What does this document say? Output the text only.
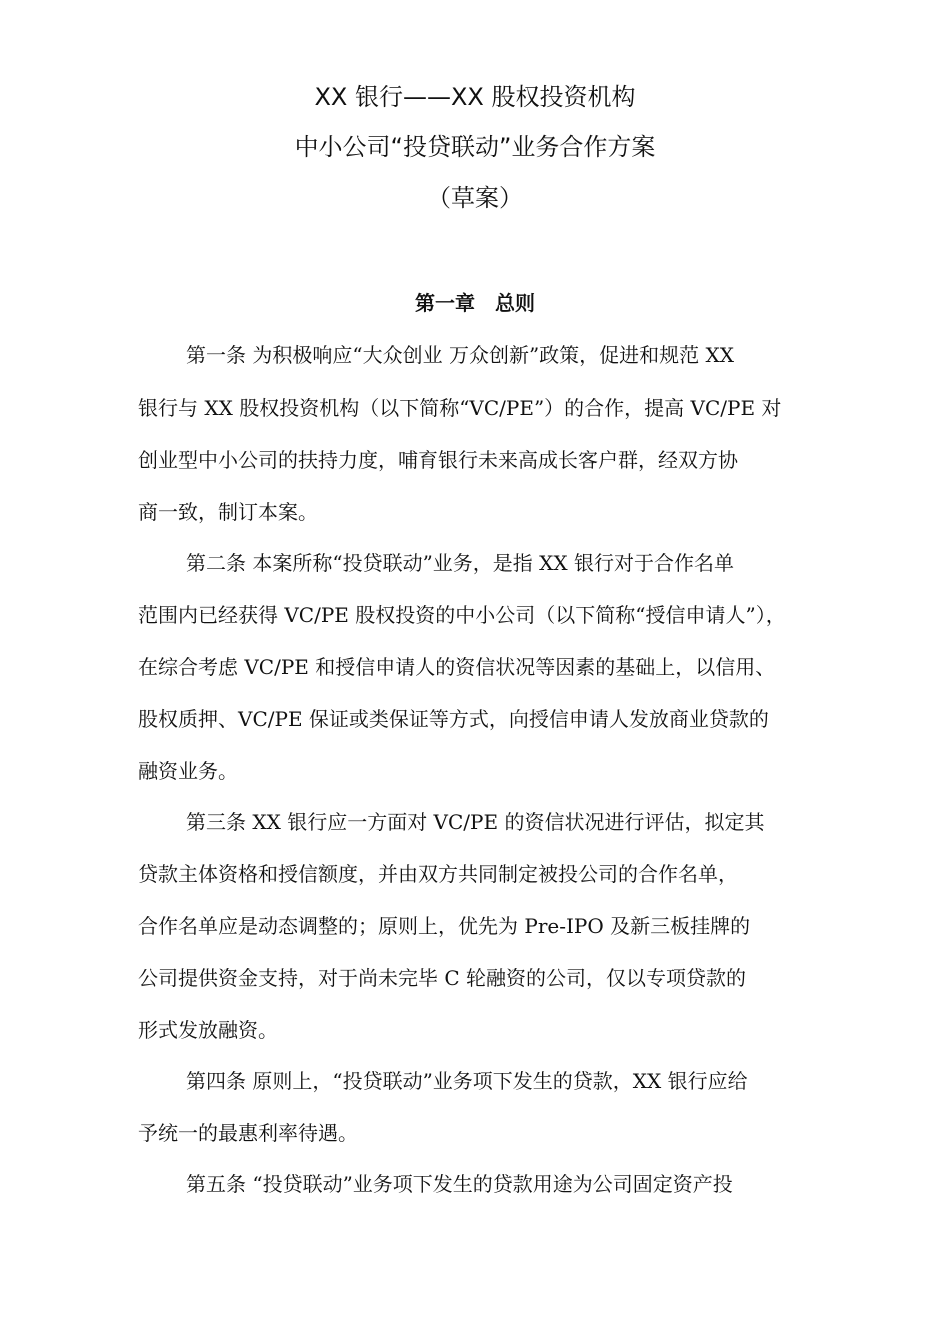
XX 银行——XX 股权投资机构
中小公司“投贷联动”业务合作方案
（草案）
第一章　总则
第一条 为积极响应“大众创业 万众创新”政策，促进和规范 XX
银行与 XX 股权投资机构（以下简称“VC/PE”）的合作，提高 VC/PE 对
创业型中小公司的扶持力度，哺育银行未来高成长客户群，经双方协
商一致，制订本案。
第二条 本案所称“投贷联动”业务，是指 XX 银行对于合作名单
范围内已经获得 VC/PE 股权投资的中小公司（以下简称“授信申请人”），
在综合考虑 VC/PE 和授信申请人的资信状况等因素的基础上，以信用、
股权质押、VC/PE 保证或类保证等方式，向授信申请人发放商业贷款的
融资业务。
第三条 XX 银行应一方面对 VC/PE 的资信状况进行评估，拟定其
贷款主体资格和授信额度，并由双方共同制定被投公司的合作名单，
合作名单应是动态调整的；原则上，优先为 Pre-IPO 及新三板挂牌的
公司提供资金支持，对于尚未完毕 C 轮融资的公司，仅以专项贷款的
形式发放融资。
第四条 原则上，“投贷联动”业务项下发生的贷款，XX 银行应给
予统一的最惠利率待遇。
第五条 “投贷联动”业务项下发生的贷款用途为公司固定资产投
